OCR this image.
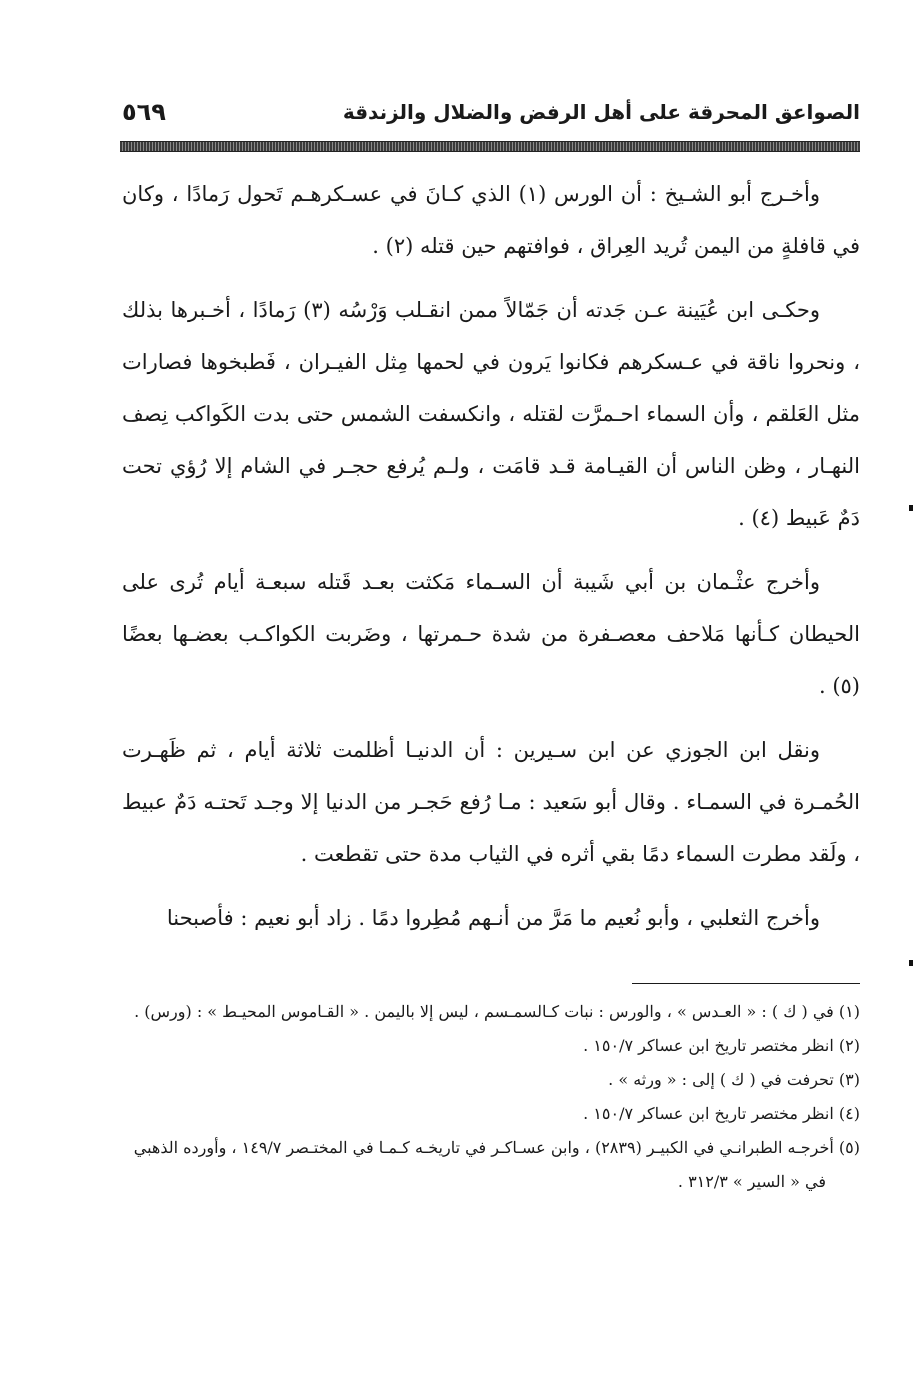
الصواعق المحرقة على أهل الرفض والضلال والزندقة
٥٦٩

وأخـرج أبو الشـيخ : أن الورس (١) الذي كـانَ في عسـكرهـم تَحول رَمادًا ، وكان في قافلةٍ من اليمن تُريد العِراق ، فوافتهم حين قتله (٢) .

وحكـى ابن عُيَينة عـن جَدته أن جَمّالاً ممن انقـلب وَرْسُه (٣) رَمادًا ، أخـبرها بذلك ، ونحروا ناقة في عـسكرهم فكانوا يَرون في لحمها مِثل الفيـران ، فَطبخوها فصارات مثل العَلقم ، وأن السماء احـمرَّت لقتله ، وانكسفت الشمس حتى بدت الكَواكب نِصف النهـار ، وظن الناس أن القيـامة قـد قامَت ، ولـم يُرفع حجـر في الشام إلا رُؤي تحت دَمٌ عَبيط (٤) .

وأخرج عثْـمان بن أبي شَيبة أن السـماء مَكثت بعـد قَتله سبعـة أيام تُرى على الحيطان كـأنها مَلاحف معصـفرة من شدة حـمرتها ، وضَربت الكواكـب بعضـها بعضًا (٥) .

ونقل ابن الجوزي عن ابن سـيرين : أن الدنيـا أظلمت ثلاثة أيام ، ثم ظَهـرت الحُمـرة في السمـاء . وقال أبو سَعيد : مـا رُفع حَجـر من الدنيا إلا وجـد تَحتـه دَمٌ عبيط ، ولَقد مطرت السماء دمًا بقي أثره في الثياب مدة حتى تقطعت .

وأخرج الثعلبي ، وأبو نُعيم ما مَرَّ من أنـهم مُطِروا دمًا . زاد أبو نعيم : فأصبحنا

(١) في ( ك ) : « العـدس » ، والورس : نبات كـالسمـسم ، ليس إلا باليمن . « القـاموس المحيـط » : (ورس) .

(٢) انظر مختصر تاريخ ابن عساكر ١٥٠/٧ .

(٣) تحرفت في ( ك ) إلى : « ورثه » .

(٤) انظر مختصر تاريخ ابن عساكر ١٥٠/٧ .

(٥) أخرجـه الطبرانـي في الكبيـر (٢٨٣٩) ، وابن عسـاكـر في تاريخـه كـمـا في المختـصر ١٤٩/٧ ، وأورده الذهبي في « السير » ٣١٢/٣ .
